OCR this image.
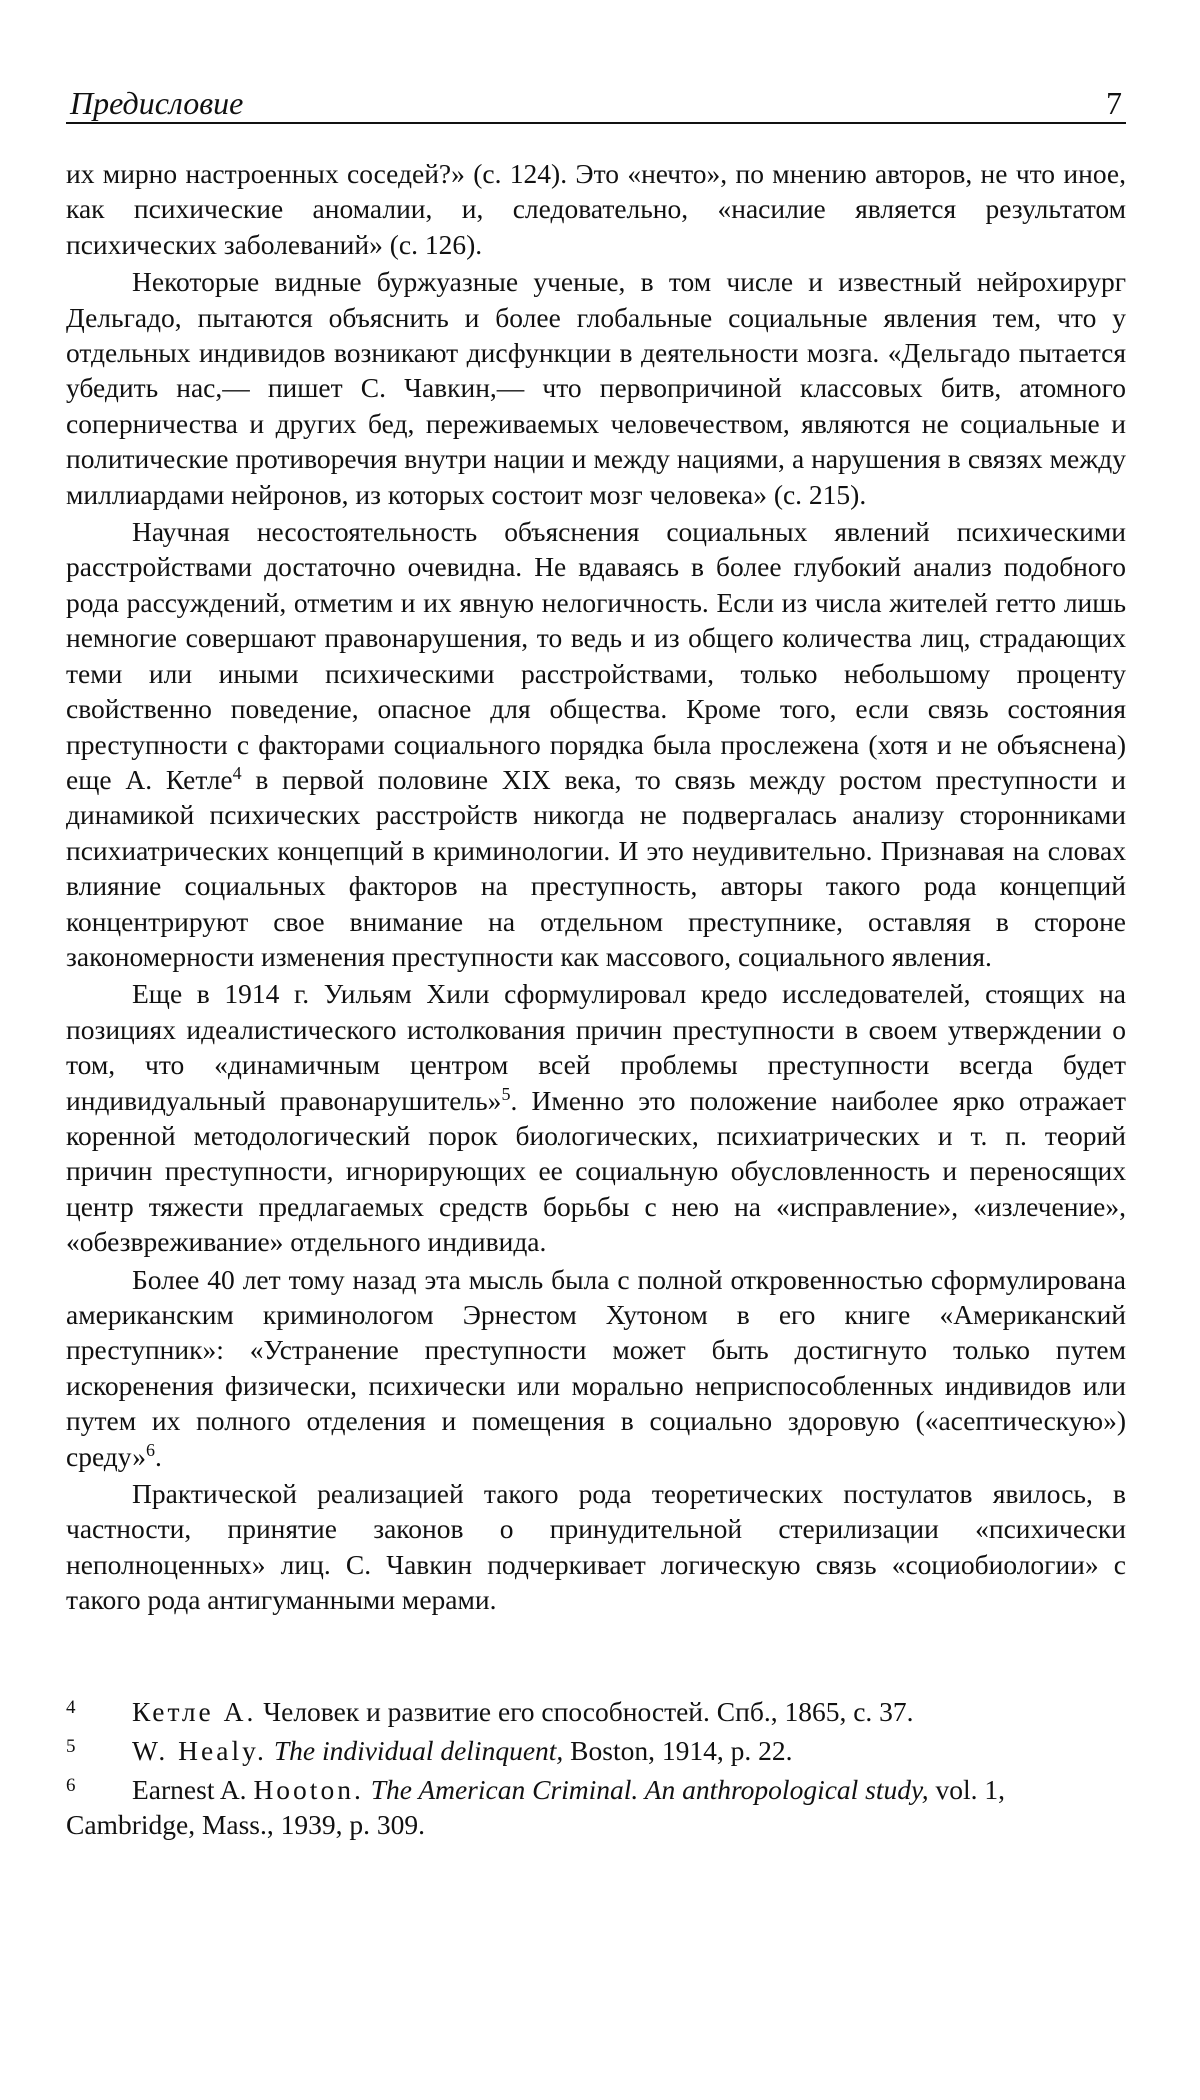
Предисловие	7

их мирно настроенных соседей?» (с. 124). Это «нечто», по мнению авторов, не что иное, как психические аномалии, и, следовательно, «насилие является результатом психических заболеваний» (с. 126).

Некоторые видные буржуазные ученые, в том числе и известный нейрохирург Дельгадо, пытаются объяснить и более глобальные социальные явления тем, что у отдельных индивидов возникают дисфункции в деятельности мозга. «Дельгадо пытается убедить нас,— пишет С. Чавкин,— что первопричиной классовых битв, атомного соперничества и других бед, переживаемых человечеством, являются не социальные и политические противоречия внутри нации и между нациями, а нарушения в связях между миллиардами нейронов, из которых состоит мозг человека» (с. 215).

Научная несостоятельность объяснения социальных явлений психическими расстройствами достаточно очевидна. Не вдаваясь в более глубокий анализ подобного рода рассуждений, отметим и их явную нелогичность. Если из числа жителей гетто лишь немногие совершают правонарушения, то ведь и из общего количества лиц, страдающих теми или иными психическими расстройствами, только небольшому проценту свойственно поведение, опасное для общества. Кроме того, если связь состояния преступности с факторами социального порядка была прослежена (хотя и не объяснена) еще А. Кетле$^4$ в первой половине XIX века, то связь между ростом преступности и динамикой психических расстройств никогда не подвергалась анализу сторонниками психиатрических концепций в криминологии. И это неудивительно. Признавая на словах влияние социальных факторов на преступность, авторы такого рода концепций концентрируют свое внимание на отдельном преступнике, оставляя в стороне закономерности изменения преступности как массового, социального явления.

Еще в 1914 г. Уильям Хили сформулировал кредо исследователей, стоящих на позициях идеалистического истолкования причин преступности в своем утверждении о том, что «динамичным центром всей проблемы преступности всегда будет индивидуальный правонарушитель»$^5$. Именно это положение наиболее ярко отражает коренной методологический порок биологических, психиатрических и т. п. теорий причин преступности, игнорирующих ее социальную обусловленность и переносящих центр тяжести предлагаемых средств борьбы с нею на «исправление», «излечение», «обезвреживание» отдельного индивида.

Более 40 лет тому назад эта мысль была с полной откровенностью сформулирована американским криминологом Эрнестом Хутоном в его книге «Американский преступник»: «Устранение преступности может быть достигнуто только путем искоренения физически, психически или морально неприспособленных индивидов или путем их полного отделения и помещения в социально здоровую («асептическую») среду»$^6$.

Практической реализацией такого рода теоретических постулатов явилось, в частности, принятие законов о принудительной стерилизации «психически неполноценных» лиц. С. Чавкин подчеркивает логическую связь «социобиологии» с такого рода антигуманными мерами.

4 Кетле А. Человек и развитие его способностей. Спб., 1865, с. 37.

5 W. Healy. The individual delinquent, Boston, 1914, p. 22.

6 Earnest A. Hooton. The American Criminal. An anthropological study, vol. 1, Cambridge, Mass., 1939, p. 309.
